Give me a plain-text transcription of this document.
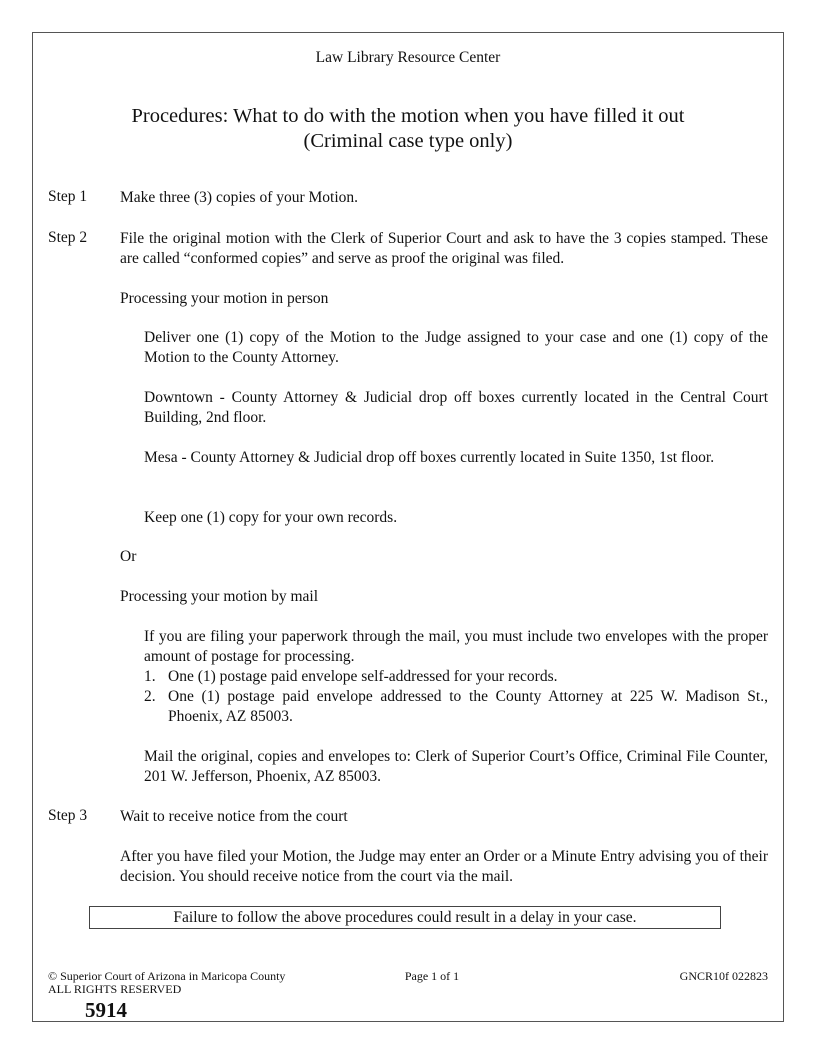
Law Library Resource Center
Procedures: What to do with the motion when you have filled it out
(Criminal case type only)
Step 1 Make three (3) copies of your Motion.
Step 2 File the original motion with the Clerk of Superior Court and ask to have the 3 copies stamped. These are called “conformed copies” and serve as proof the original was filed.
Processing your motion in person
Deliver one (1) copy of the Motion to the Judge assigned to your case and one (1) copy of the Motion to the County Attorney.
Downtown - County Attorney & Judicial drop off boxes currently located in the Central Court Building, 2nd floor.
Mesa - County Attorney & Judicial drop off boxes currently located in Suite 1350, 1st floor.
Keep one (1) copy for your own records.
Or
Processing your motion by mail
If you are filing your paperwork through the mail, you must include two envelopes with the proper amount of postage for processing.
1. One (1) postage paid envelope self-addressed for your records.
2. One (1) postage paid envelope addressed to the County Attorney at 225 W. Madison St., Phoenix, AZ 85003.
Mail the original, copies and envelopes to: Clerk of Superior Court’s Office, Criminal File Counter, 201 W. Jefferson, Phoenix, AZ 85003.
Step 3 Wait to receive notice from the court
After you have filed your Motion, the Judge may enter an Order or a Minute Entry advising you of their decision. You should receive notice from the court via the mail.
Failure to follow the above procedures could result in a delay in your case.
© Superior Court of Arizona in Maricopa County
ALL RIGHTS RESERVED
Page 1 of 1	GNCR10f 022823
5914
